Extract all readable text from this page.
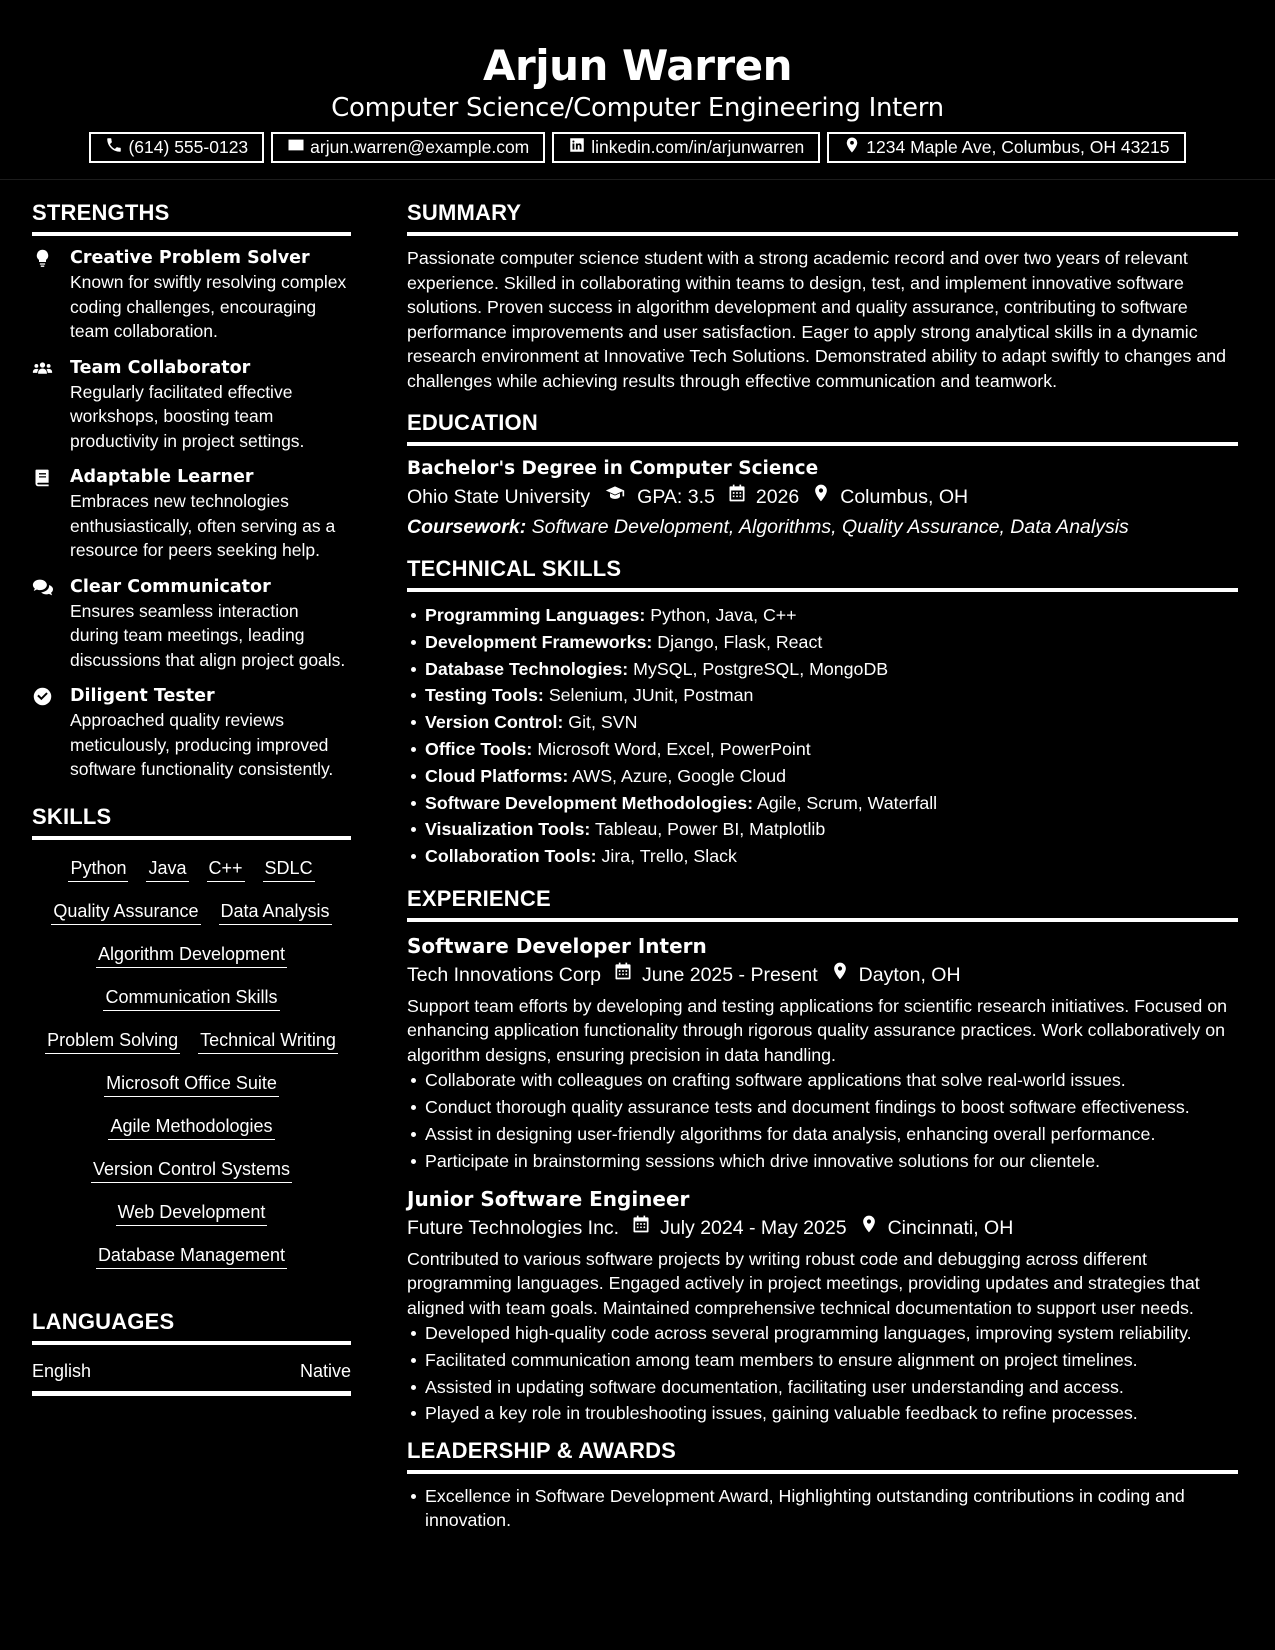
Arjun Warren
Computer Science/Computer Engineering Intern
(614) 555-0123	arjun.warren@example.com	linkedin.com/in/arjunwarren	1234 Maple Ave, Columbus, OH 43215
STRENGTHS
Creative Problem Solver
Known for swiftly resolving complex coding challenges, encouraging team collaboration.
Team Collaborator
Regularly facilitated effective workshops, boosting team productivity in project settings.
Adaptable Learner
Embraces new technologies enthusiastically, often serving as a resource for peers seeking help.
Clear Communicator
Ensures seamless interaction during team meetings, leading discussions that align project goals.
Diligent Tester
Approached quality reviews meticulously, producing improved software functionality consistently.
SKILLS
Python Java C++ SDLC
Quality Assurance Data Analysis
Algorithm Development
Communication Skills
Problem Solving Technical Writing
Microsoft Office Suite
Agile Methodologies
Version Control Systems
Web Development
Database Management
LANGUAGES
English	Native
SUMMARY

Passionate computer science student with a strong academic record and over two years of relevant experience. Skilled in collaborating within teams to design, test, and implement innovative software solutions. Proven success in algorithm development and quality assurance, contributing to software performance improvements and user satisfaction. Eager to apply strong analytical skills in a dynamic research environment at Innovative Tech Solutions. Demonstrated ability to adapt swiftly to changes and challenges while achieving results through effective communication and teamwork.

EDUCATION
Bachelor's Degree in Computer Science
Ohio State University GPA: 3.5 2026 Columbus, OH
Coursework: Software Development, Algorithms, Quality Assurance, Data Analysis
TECHNICAL SKILLS
Programming Languages: Python, Java, C++
Development Frameworks: Django, Flask, React
Database Technologies: MySQL, PostgreSQL, MongoDB
Testing Tools: Selenium, JUnit, Postman
Version Control: Git, SVN
Office Tools: Microsoft Word, Excel, PowerPoint
Cloud Platforms: AWS, Azure, Google Cloud
Software Development Methodologies: Agile, Scrum, Waterfall
Visualization Tools: Tableau, Power BI, Matplotlib
Collaboration Tools: Jira, Trello, Slack
EXPERIENCE
Software Developer Intern
Tech Innovations Corp June 2025 - Present Dayton, OH

Support team efforts by developing and testing applications for scientific research initiatives. Focused on enhancing application functionality through rigorous quality assurance practices. Work collaboratively on algorithm designs, ensuring precision in data handling.

Collaborate with colleagues on crafting software applications that solve real-world issues.
Conduct thorough quality assurance tests and document findings to boost software effectiveness.
Assist in designing user-friendly algorithms for data analysis, enhancing overall performance.
Participate in brainstorming sessions which drive innovative solutions for our clientele.
Junior Software Engineer
Future Technologies Inc. July 2024 - May 2025 Cincinnati, OH

Contributed to various software projects by writing robust code and debugging across different programming languages. Engaged actively in project meetings, providing updates and strategies that aligned with team goals. Maintained comprehensive technical documentation to support user needs.

Developed high-quality code across several programming languages, improving system reliability.
Facilitated communication among team members to ensure alignment on project timelines.
Assisted in updating software documentation, facilitating user understanding and access.
Played a key role in troubleshooting issues, gaining valuable feedback to refine processes.
LEADERSHIP & AWARDS
Excellence in Software Development Award, Highlighting outstanding contributions in coding and innovation.
